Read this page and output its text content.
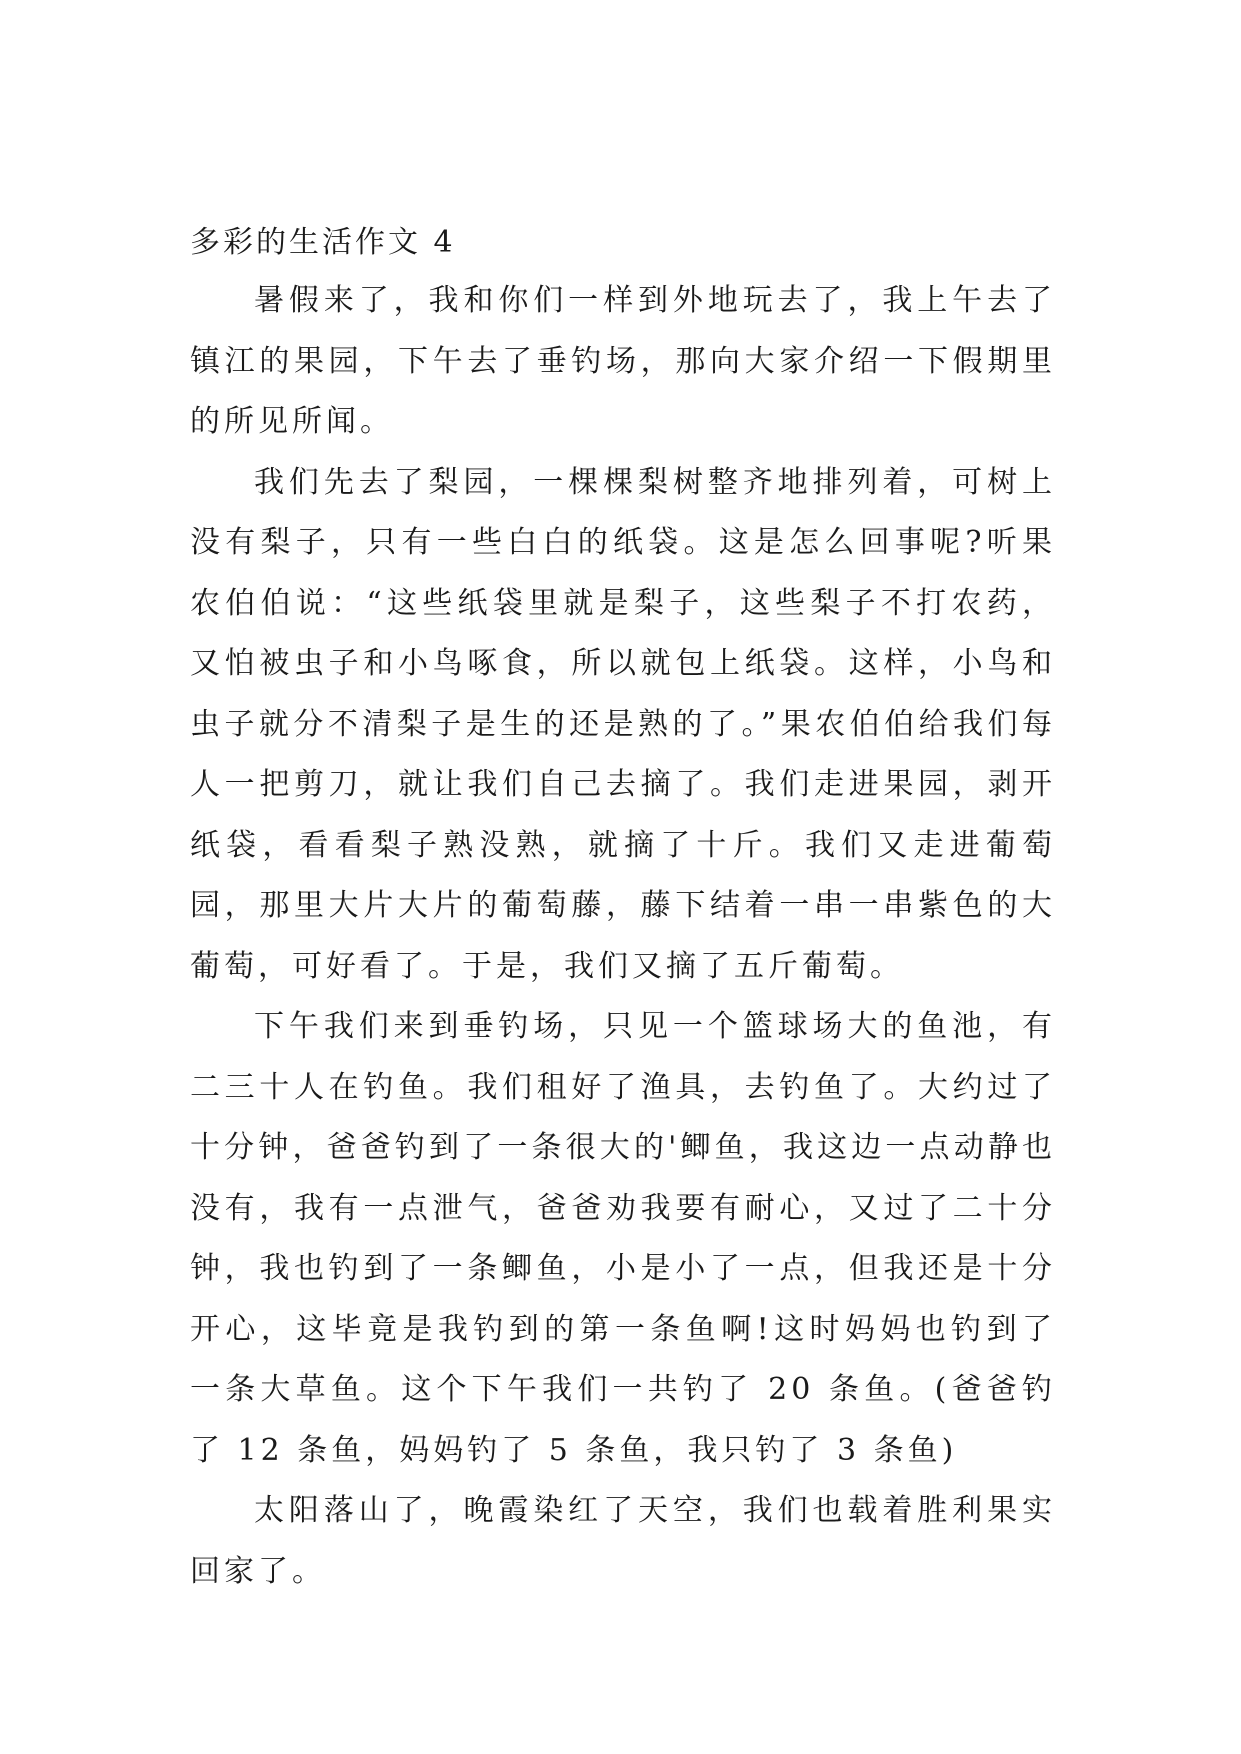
多彩的生活作文 4

暑假来了，我和你们一样到外地玩去了，我上午去了镇江的果园，下午去了垂钓场，那向大家介绍一下假期里的所见所闻。

我们先去了梨园，一棵棵梨树整齐地排列着，可树上没有梨子，只有一些白白的纸袋。这是怎么回事呢?听果农伯伯说：“这些纸袋里就是梨子，这些梨子不打农药，又怕被虫子和小鸟啄食，所以就包上纸袋。这样，小鸟和虫子就分不清梨子是生的还是熟的了。”果农伯伯给我们每人一把剪刀，就让我们自己去摘了。我们走进果园，剥开纸袋，看看梨子熟没熟，就摘了十斤。我们又走进葡萄园，那里大片大片的葡萄藤，藤下结着一串一串紫色的大葡萄，可好看了。于是，我们又摘了五斤葡萄。

下午我们来到垂钓场，只见一个篮球场大的鱼池，有二三十人在钓鱼。我们租好了渔具，去钓鱼了。大约过了十分钟，爸爸钓到了一条很大的'鲫鱼，我这边一点动静也没有，我有一点泄气，爸爸劝我要有耐心，又过了二十分钟，我也钓到了一条鲫鱼，小是小了一点，但我还是十分开心，这毕竟是我钓到的第一条鱼啊!这时妈妈也钓到了一条大草鱼。这个下午我们一共钓了 20 条鱼。(爸爸钓了 12 条鱼，妈妈钓了 5 条鱼，我只钓了 3 条鱼)

太阳落山了，晚霞染红了天空，我们也载着胜利果实回家了。
